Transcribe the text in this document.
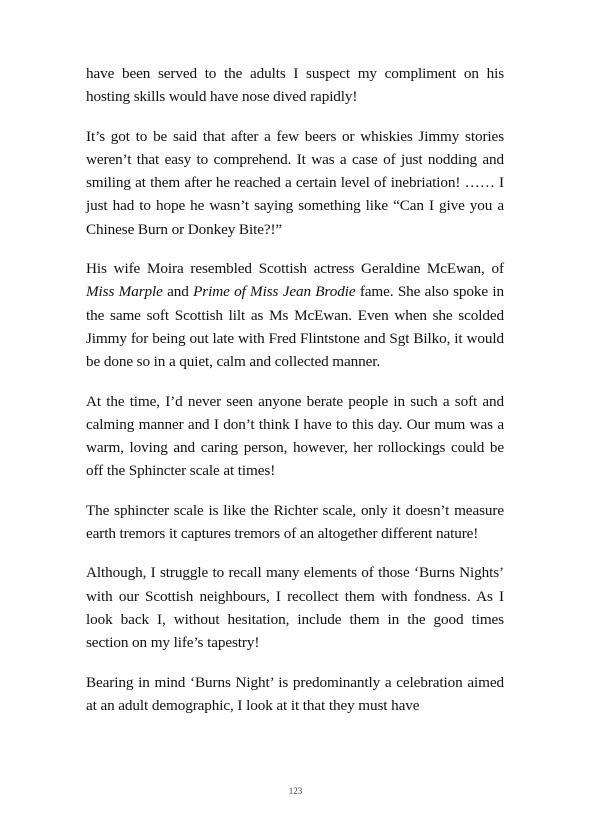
have been served to the adults I suspect my compliment on his hosting skills would have nose dived rapidly!

It’s got to be said that after a few beers or whiskies Jimmy stories weren’t that easy to comprehend. It was a case of just nodding and smiling at them after he reached a certain level of inebriation! …… I just had to hope he wasn’t saying something like “Can I give you a Chinese Burn or Donkey Bite?!”

His wife Moira resembled Scottish actress Geraldine McEwan, of Miss Marple and Prime of Miss Jean Brodie fame. She also spoke in the same soft Scottish lilt as Ms McEwan. Even when she scolded Jimmy for being out late with Fred Flintstone and Sgt Bilko, it would be done so in a quiet, calm and collected manner.

At the time, I’d never seen anyone berate people in such a soft and calming manner and I don’t think I have to this day. Our mum was a warm, loving and caring person, however, her rollockings could be off the Sphincter scale at times!

The sphincter scale is like the Richter scale, only it doesn’t measure earth tremors it captures tremors of an altogether different nature!

Although, I struggle to recall many elements of those ‘Burns Nights’ with our Scottish neighbours, I recollect them with fondness. As I look back I, without hesitation, include them in the good times section on my life’s tapestry!

Bearing in mind ‘Burns Night’ is predominantly a celebration aimed at an adult demographic, I look at it that they must have

123
